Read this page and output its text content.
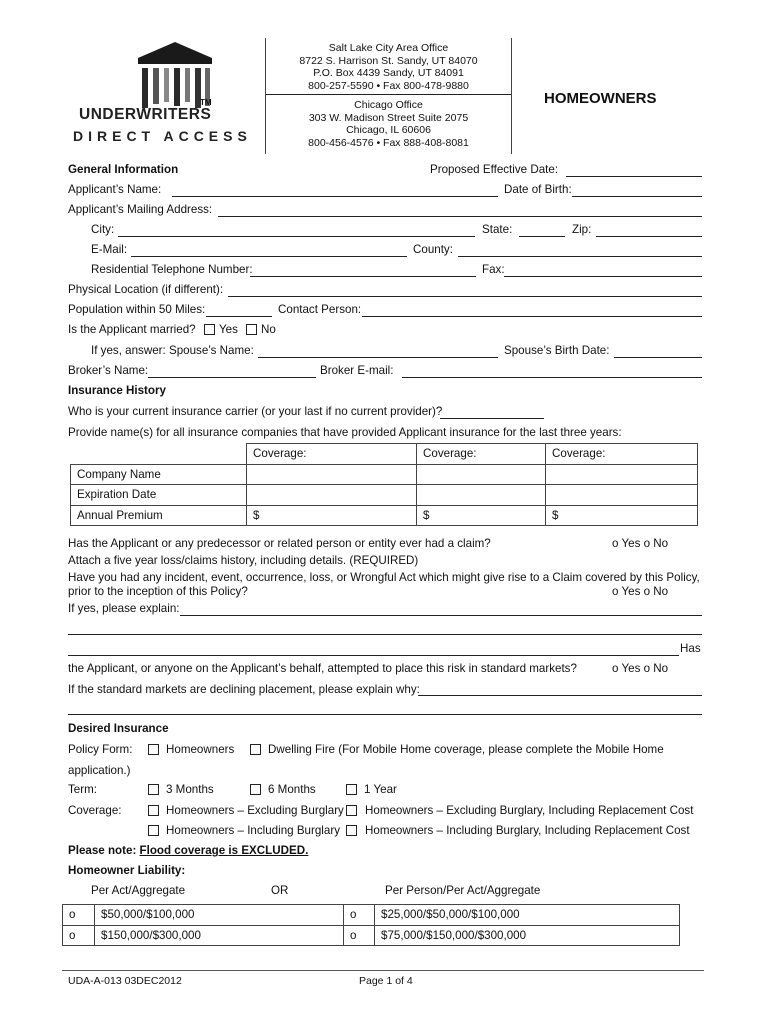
TM
UNDERWRITERS
DIRECT ACCESS
Salt Lake City Area Office
8722 S. Harrison St. Sandy, UT 84070
P.O. Box 4439 Sandy, UT 84091
800-257-5590 • Fax 800-478-9880
Chicago Office
303 W. Madison Street Suite 2075
Chicago, IL 60606
800-456-4576 • Fax 888-408-8081
HOMEOWNERS
General Information	Proposed Effective Date:
Applicant’s Name:	Date of Birth:
Applicant’s Mailing Address:
City:	State:	Zip:
E-Mail:	County:
Residential Telephone Number:	Fax:
Physical Location (if different):
Population within 50 Miles:	Contact Person:
Is the Applicant married? Yes No
If yes, answer: Spouse’s Name:	Spouse’s Birth Date:
Broker’s Name:	Broker E-mail:
Insurance History
Who is your current insurance carrier (or your last if no current provider)?
Provide name(s) for all insurance companies that have provided Applicant insurance for the last three years:
	Coverage:	Coverage:	Coverage:
Company Name			
Expiration Date			
Annual Premium	$	$	$
Has the Applicant or any predecessor or related person or entity ever had a claim?	o Yes o No
Attach a five year loss/claims history, including details. (REQUIRED)
Have you had any incident, event, occurrence, loss, or Wrongful Act which might give rise to a Claim covered by this Policy,
prior to the inception of this Policy?	o Yes o No
If yes, please explain:
Has
the Applicant, or anyone on the Applicant’s behalf, attempted to place this risk in standard markets?	o Yes o No
If the standard markets are declining placement, please explain why:
Desired Insurance
Policy Form:	Homeowners	Dwelling Fire (For Mobile Home coverage, please complete the Mobile Home
application.)
Term:	3 Months	6 Months	1 Year
Coverage:	Homeowners – Excluding Burglary Homeowners – Excluding Burglary, Including Replacement Cost
Homeowners – Including Burglary Homeowners – Including Burglary, Including Replacement Cost
Please note: Flood coverage is EXCLUDED.
Homeowner Liability:
Per Act/Aggregate	OR	Per Person/Per Act/Aggregate
o	$50,000/$100,000	o	$25,000/$50,000/$100,000
o	$150,000/$300,000	o	$75,000/$150,000/$300,000
UDA-A-013 03DEC2012	Page 1 of 4
